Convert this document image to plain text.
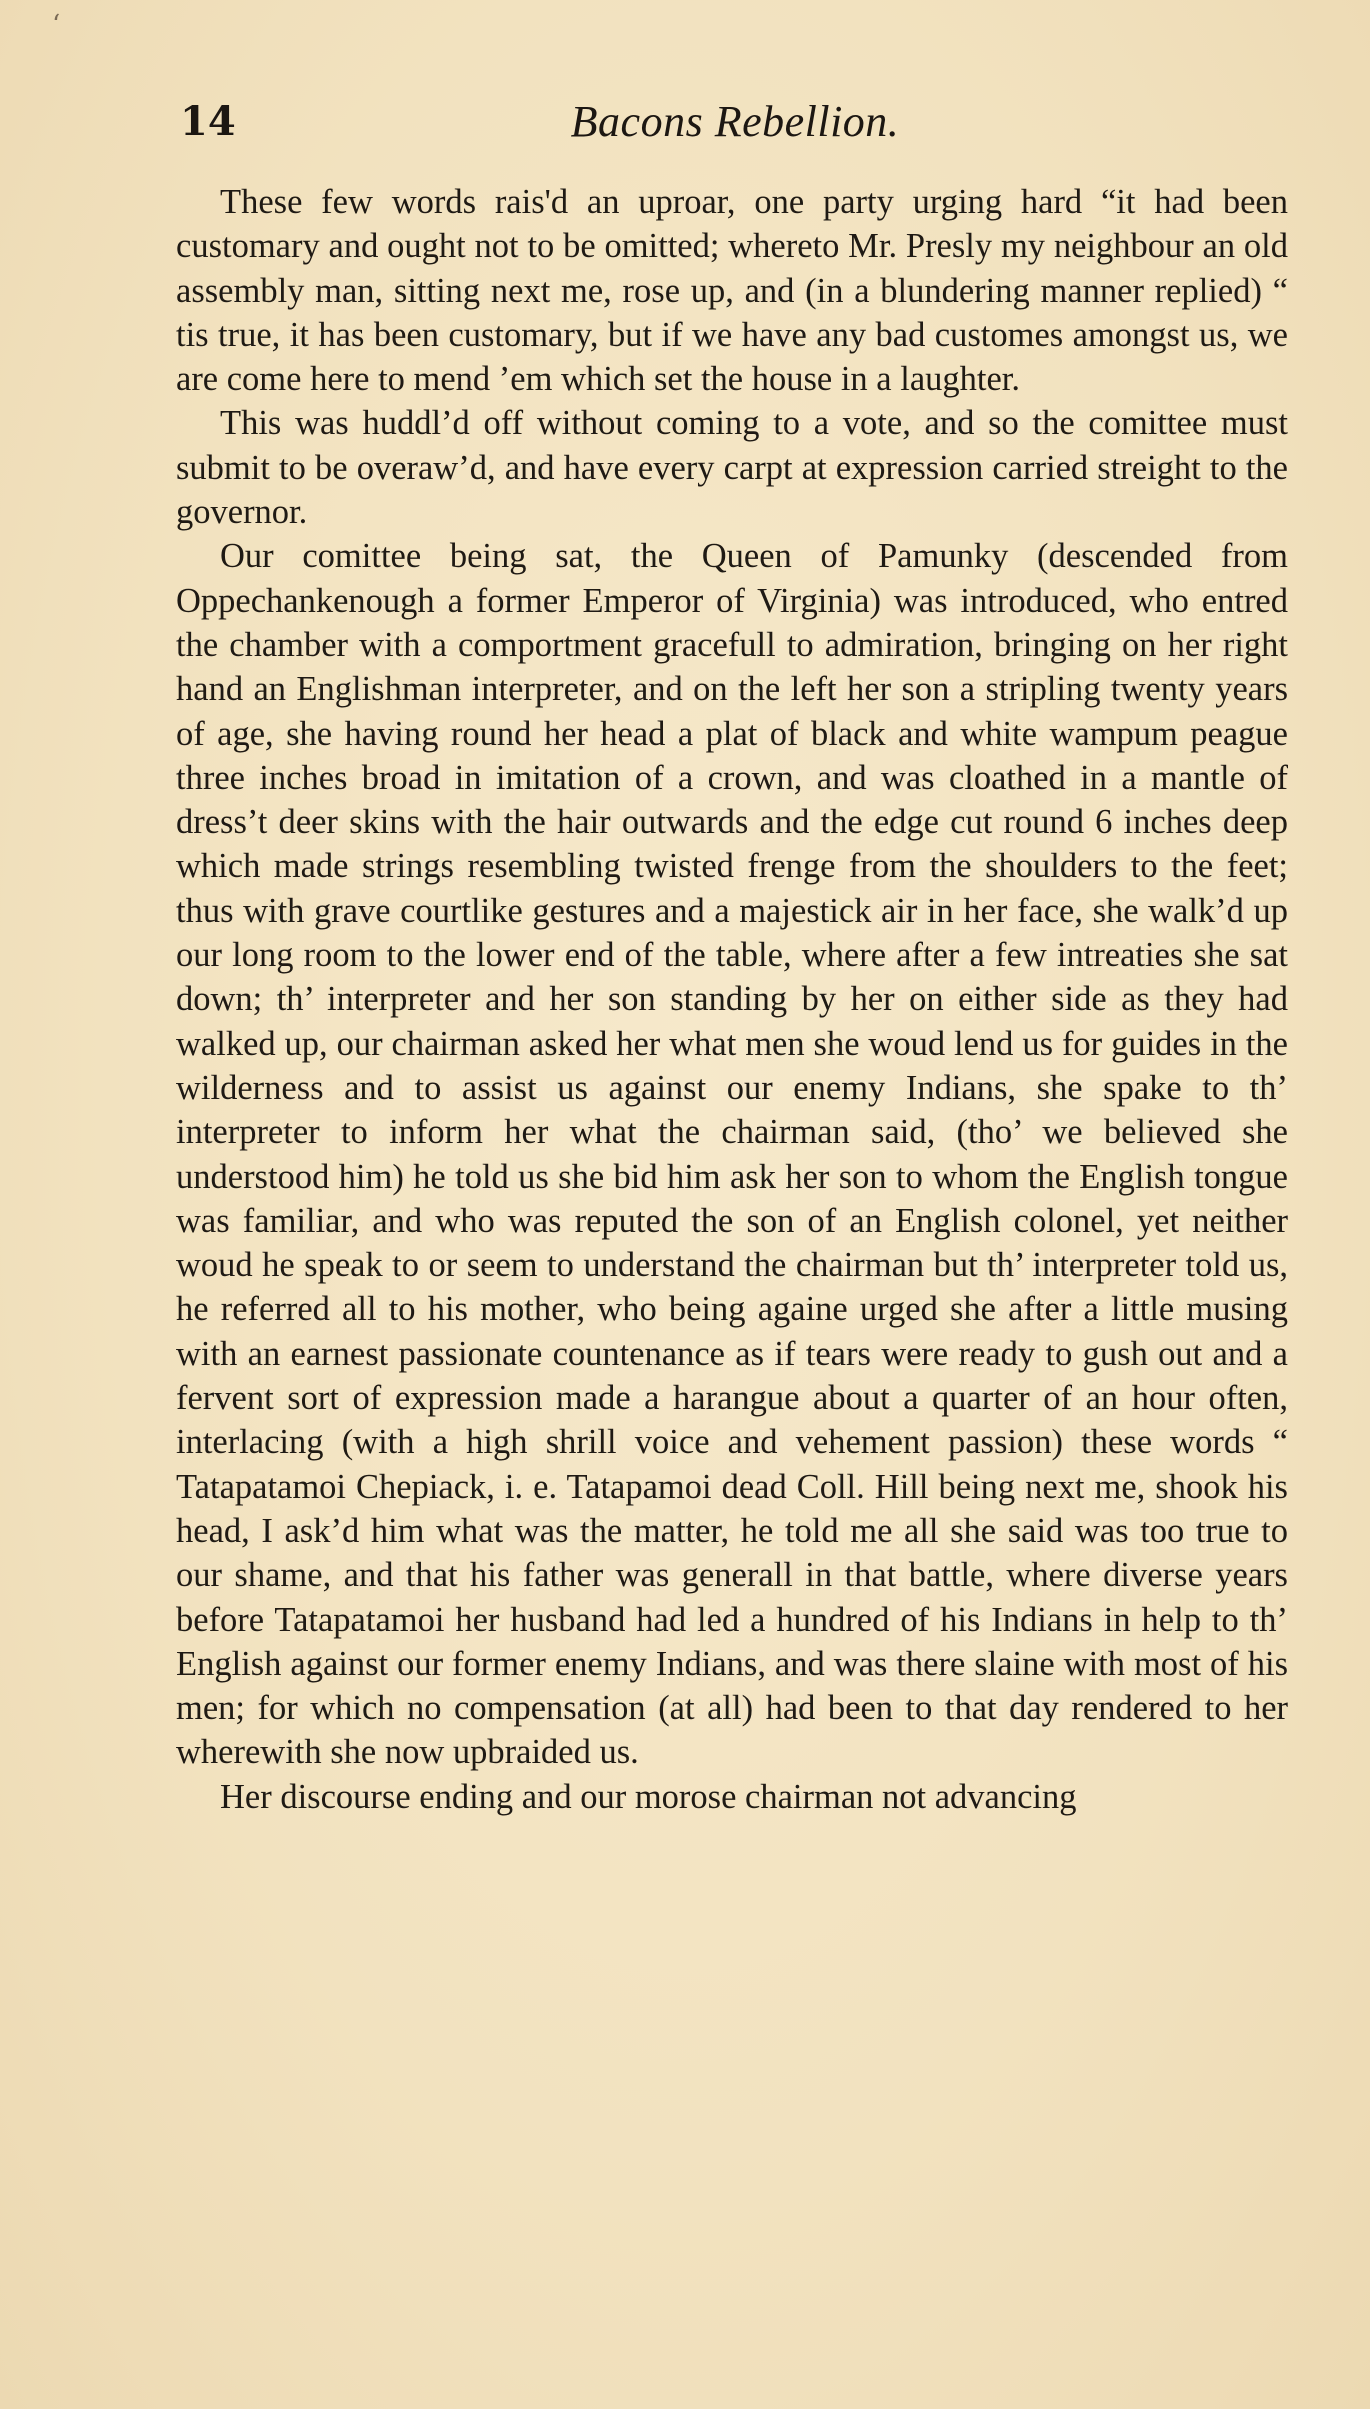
‘
14	Bacons Rebellion.

These few words rais'd an uproar, one party urging hard “it had been customary and ought not to be omitted; whereto Mr. Presly my neighbour an old assembly man, sitting next me, rose up, and (in a blundering manner replied) “ tis true, it has been customary, but if we have any bad customes amongst us, we are come here to mend ’em which set the house in a laughter.

This was huddl’d off without coming to a vote, and so the comittee must submit to be overaw’d, and have every carpt at expression carried streight to the governor.

Our comittee being sat, the Queen of Pamunky (descended from Oppechankenough a former Emperor of Virginia) was introduced, who entred the chamber with a comportment gracefull to admiration, bringing on her right hand an Englishman interpreter, and on the left her son a stripling twenty years of age, she having round her head a plat of black and white wampum peague three inches broad in imitation of a crown, and was cloathed in a mantle of dress’t deer skins with the hair outwards and the edge cut round 6 inches deep which made strings resembling twisted frenge from the shoulders to the feet; thus with grave courtlike gestures and a majestick air in her face, she walk’d up our long room to the lower end of the table, where after a few intreaties she sat down; th’ interpreter and her son standing by her on either side as they had walked up, our chairman asked her what men she woud lend us for guides in the wilderness and to assist us against our enemy Indians, she spake to th’ interpreter to inform her what the chairman said, (tho’ we believed she understood him) he told us she bid him ask her son to whom the English tongue was familiar, and who was reputed the son of an English colonel, yet neither woud he speak to or seem to understand the chairman but th’ interpreter told us, he referred all to his mother, who being againe urged she after a little musing with an earnest passionate countenance as if tears were ready to gush out and a fervent sort of expression made a harangue about a quarter of an hour often, interlacing (with a high shrill voice and vehement passion) these words “ Tatapatamoi Chepiack, i. e. Tatapamoi dead Coll. Hill being next me, shook his head, I ask’d him what was the matter, he told me all she said was too true to our shame, and that his father was generall in that battle, where diverse years before Tatapatamoi her husband had led a hundred of his Indians in help to th’ English against our former enemy Indians, and was there slaine with most of his men; for which no compensation (at all) had been to that day rendered to her wherewith she now upbraided us.

Her discourse ending and our morose chairman not advancing
